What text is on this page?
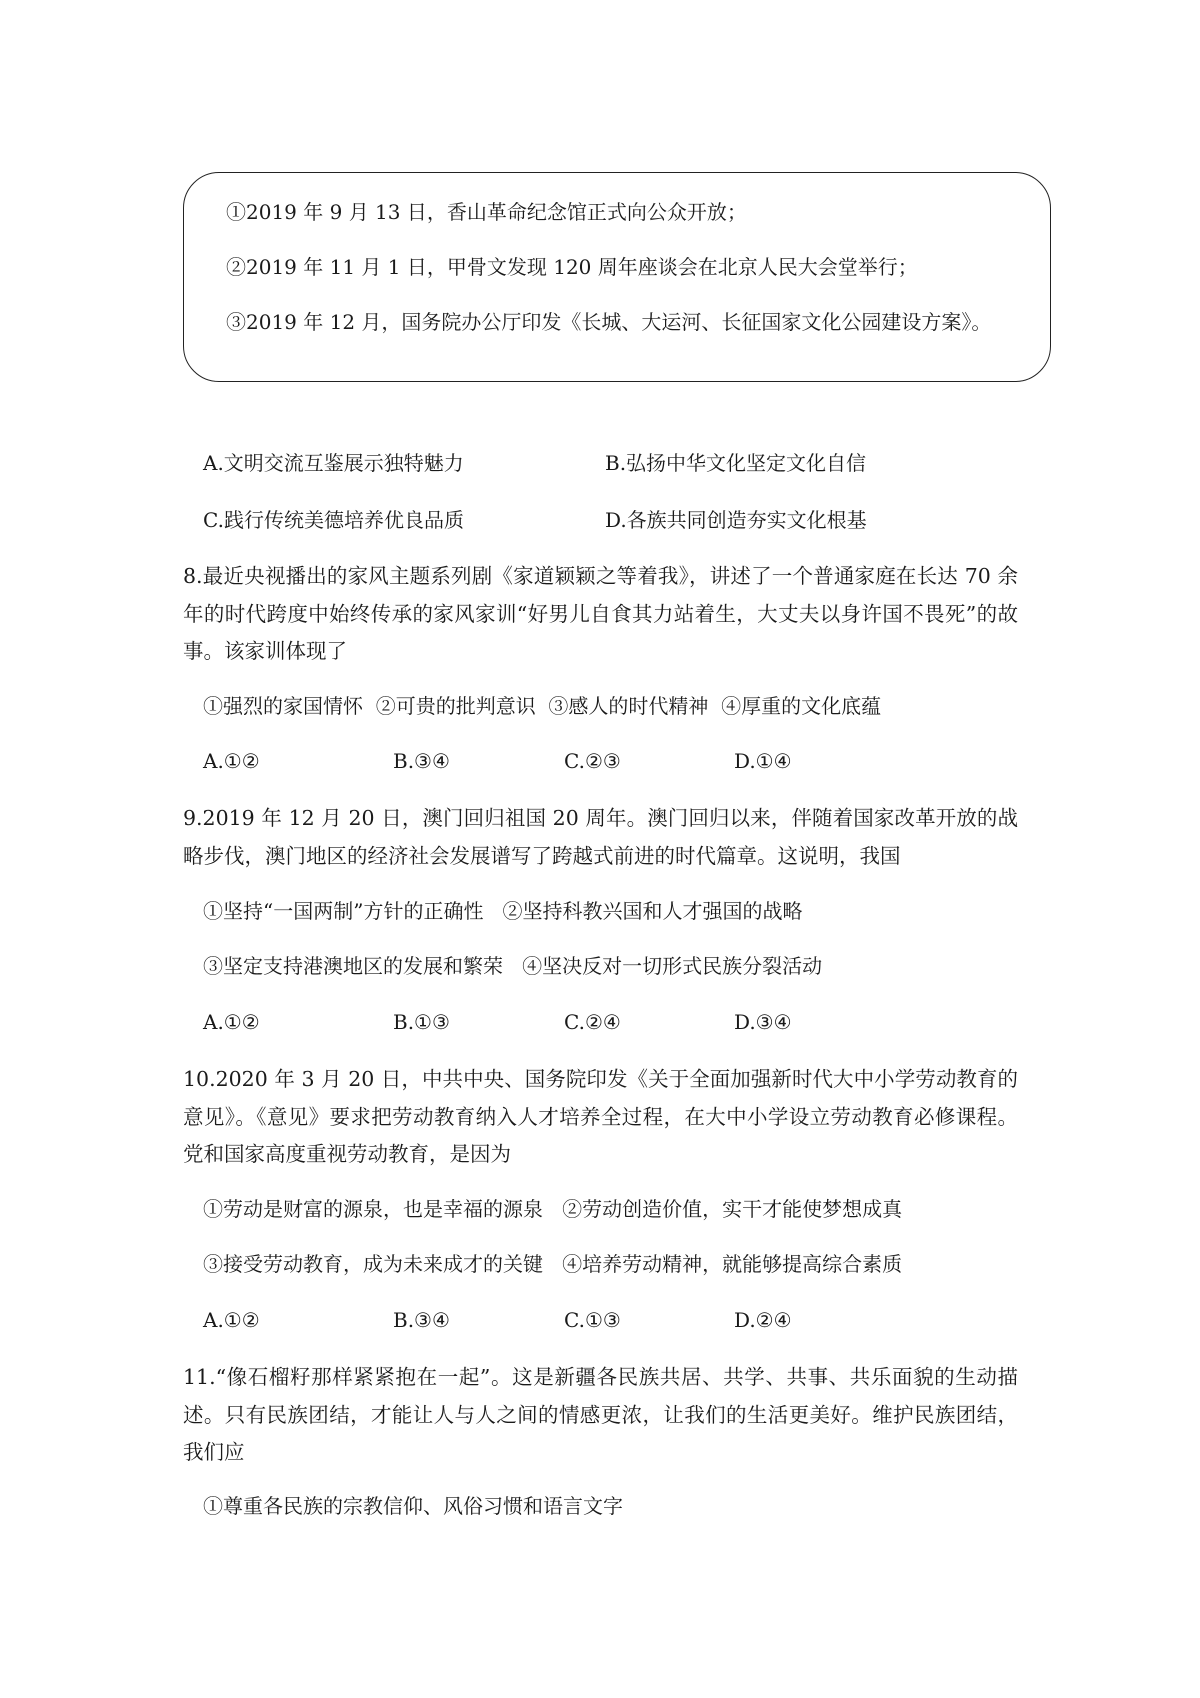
①2019 年 9 月 13 日，香山革命纪念馆正式向公众开放；
②2019 年 11 月 1 日，甲骨文发现 120 周年座谈会在北京人民大会堂举行；
③2019 年 12 月，国务院办公厅印发《长城、大运河、长征国家文化公园建设方案》。
A.文明交流互鉴展示独特魅力	B.弘扬中华文化坚定文化自信
C.践行传统美德培养优良品质	D.各族共同创造夯实文化根基
8.最近央视播出的家风主题系列剧《家道颖颖之等着我》，讲述了一个普通家庭在长达 70 余年的时代跨度中始终传承的家风家训“好男儿自食其力站着生，大丈夫以身许国不畏死”的故事。该家训体现了
①强烈的家国情怀  ②可贵的批判意识  ③感人的时代精神  ④厚重的文化底蕴
A.①②	B.③④	C.②③	D.①④
9.2019 年 12 月 20 日，澳门回归祖国 20 周年。澳门回归以来，伴随着国家改革开放的战略步伐，澳门地区的经济社会发展谱写了跨越式前进的时代篇章。这说明，我国
①坚持“一国两制”方针的正确性   ②坚持科教兴国和人才强国的战略
③坚定支持港澳地区的发展和繁荣   ④坚决反对一切形式民族分裂活动
A.①②	B.①③	C.②④	D.③④
10.2020 年 3 月 20 日，中共中央、国务院印发《关于全面加强新时代大中小学劳动教育的意见》。《意见》要求把劳动教育纳入人才培养全过程，在大中小学设立劳动教育必修课程。党和国家高度重视劳动教育，是因为
①劳动是财富的源泉，也是幸福的源泉   ②劳动创造价值，实干才能使梦想成真
③接受劳动教育，成为未来成才的关键   ④培养劳动精神，就能够提高综合素质
A.①②	B.③④	C.①③	D.②④
11.“像石榴籽那样紧紧抱在一起”。这是新疆各民族共居、共学、共事、共乐面貌的生动描述。只有民族团结，才能让人与人之间的情感更浓，让我们的生活更美好。维护民族团结，我们应
①尊重各民族的宗教信仰、风俗习惯和语言文字
